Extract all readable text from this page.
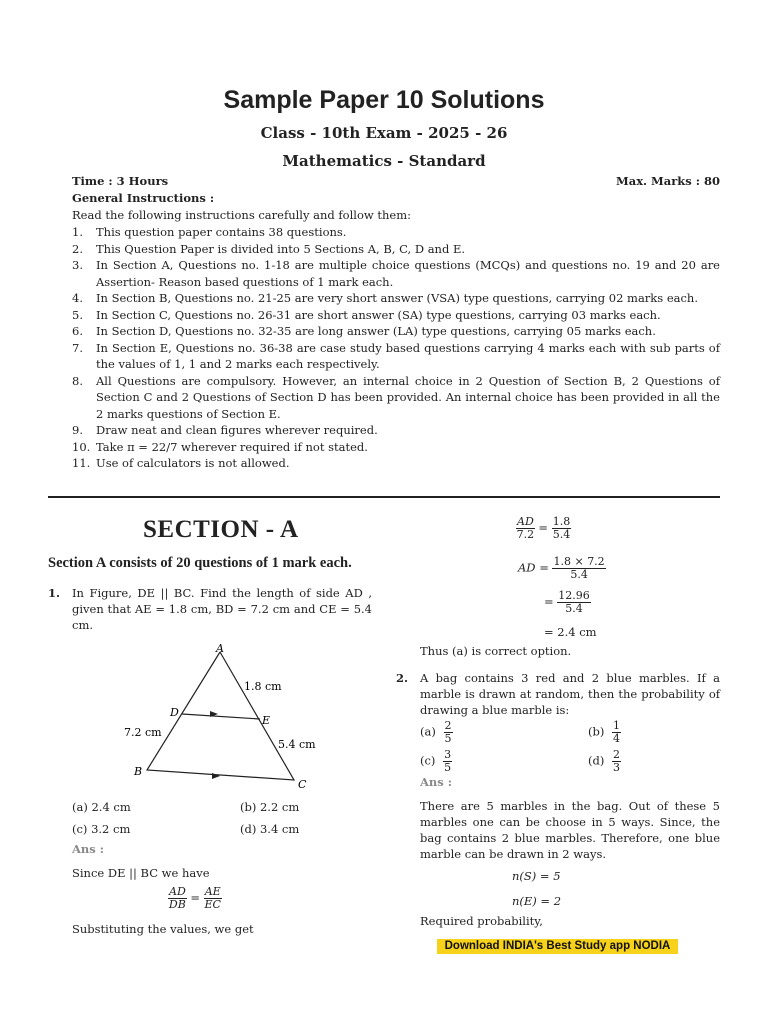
Sample Paper 10 Solutions
Class - 10th Exam - 2025 - 26
Mathematics - Standard
Time : 3 Hours	Max. Marks : 80
General Instructions :
Read the following instructions carefully and follow them:
1.	This question paper contains 38 questions.
2.	This Question Paper is divided into 5 Sections A, B, C, D and E.
3.	In Section A, Questions no. 1-18 are multiple choice questions (MCQs) and questions no. 19 and 20 are Assertion- Reason based questions of 1 mark each.
4.	In Section B, Questions no. 21-25 are very short answer (VSA) type questions, carrying 02 marks each.
5.	In Section C, Questions no. 26-31 are short answer (SA) type questions, carrying 03 marks each.
6.	In Section D, Questions no. 32-35 are long answer (LA) type questions, carrying 05 marks each.
7.	In Section E, Questions no. 36-38 are case study based questions carrying 4 marks each with sub parts of the values of 1, 1 and 2 marks each respectively.
8.	All Questions are compulsory. However, an internal choice in 2 Question of Section B, 2 Questions of Section C and 2 Questions of Section D has been provided. An internal choice has been provided in all the 2 marks questions of Section E.
9.	Draw neat and clean figures wherever required.
10. Take π = 22/7 wherever required if not stated.
11. Use of calculators is not allowed.
SECTION - A
Section A consists of 20 questions of 1 mark each.
1. In Figure, DE || BC. Find the length of side AD , given that AE = 1.8 cm, BD = 7.2 cm and CE = 5.4 cm.
A
D
E
B
C
1.8 cm
7.2 cm
5.4 cm
(a) 2.4 cm	(b) 2.2 cm
(c) 3.2 cm	(d) 3.4 cm
Ans :
Since DE || BC we have
$\frac{AD}{DB} = \frac{AE}{EC}$
Substituting the values, we get
$\frac{AD}{7.2} = \frac{1.8}{5.4}$
AD = $\frac{1.8 \times 7.2}{5.4}$
= $\frac{12.96}{5.4}$
= 2.4 cm
Thus (a) is correct option.
2. A bag contains 3 red and 2 blue marbles. If a marble is drawn at random, then the probability of drawing a blue marble is:
$(a) \frac{2}{5}$	$(b) \frac{1}{4}$
$(c) \frac{3}{5}$	$(d) \frac{2}{3}$
Ans :
There are 5 marbles in the bag. Out of these 5 marbles one can be choose in 5 ways. Since, the bag contains 2 blue marbles. Therefore, one blue marble can be drawn in 2 ways.
n(S) = 5
n(E) = 2
Required probability,
Download INDIA's Best Study app NODIA
